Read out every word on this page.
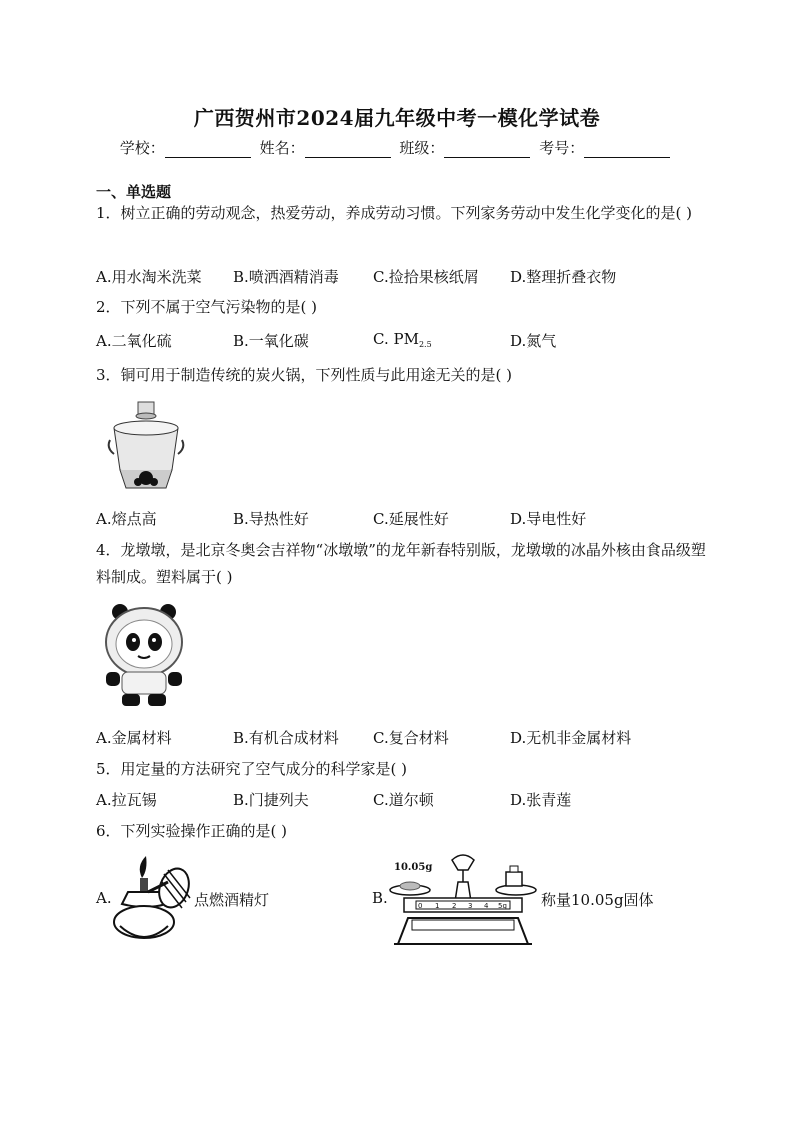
广西贺州市2024届九年级中考一模化学试卷
学校：	姓名：	班级：	考号：
一、单选题
1．树立正确的劳动观念，热爱劳动，养成劳动习惯。下列家务劳动中发生化学变化的是( )
A.用水淘米洗菜 B.喷洒酒精消毒 C.捡拾果核纸屑 D.整理折叠衣物
2．下列不属于空气污染物的是( )
A.二氧化硫	B.一氧化碳	C. $PM_{2.5}$	D.氮气
3．铜可用于制造传统的炭火锅，下列性质与此用途无关的是( )
A.熔点高	B.导热性好	C.延展性好	D.导电性好
4．龙墩墩，是北京冬奥会吉祥物“冰墩墩”的龙年新春特别版，龙墩墩的冰晶外核由食品级塑料制成。塑料属于( )
A.金属材料	B.有机合成材料 C.复合材料	D.无机非金属材料
5．用定量的方法研究了空气成分的科学家是( )
A.拉瓦锡	B.门捷列夫	C.道尔顿	D.张青莲
6．下列实验操作正确的是( )
A.	点燃酒精灯	B.
10.05g
0 1 2 3 4 5g 称量10.05g固体
